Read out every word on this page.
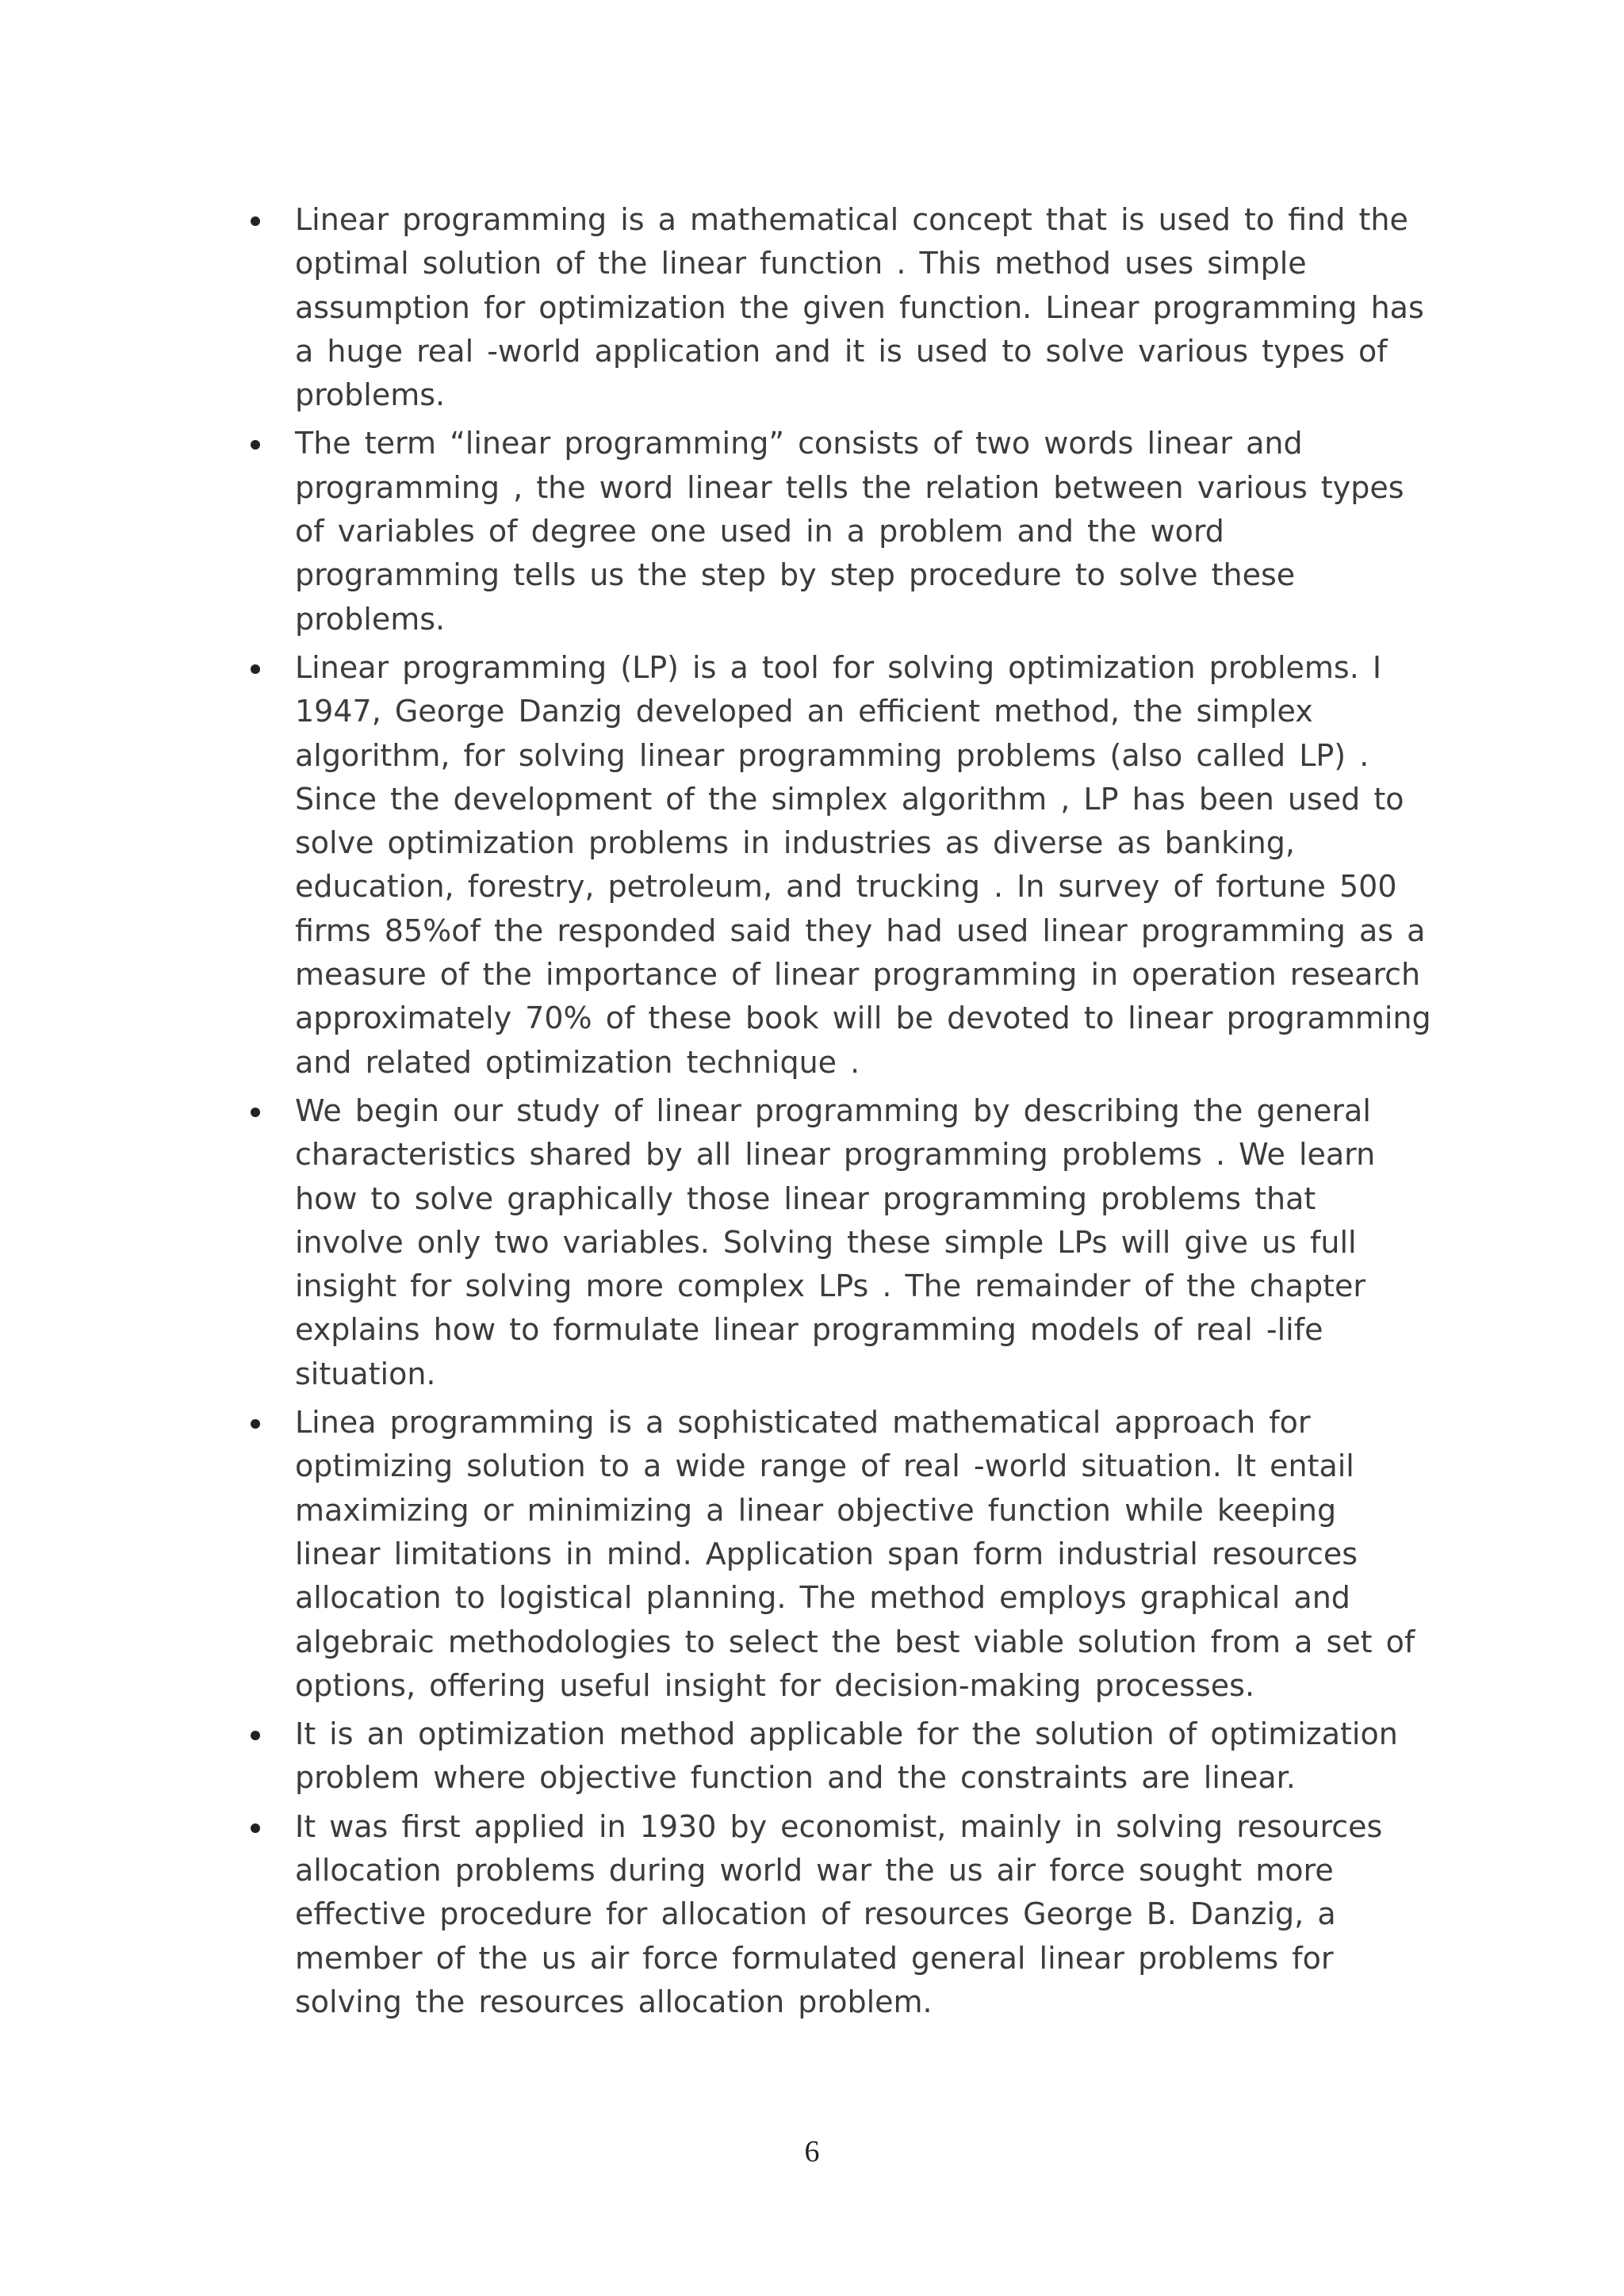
Linear programming is a mathematical concept that is used to find the optimal solution of the linear function . This method uses simple assumption for optimization the given function. Linear programming has a huge real -world application and it is used to solve various types of problems.
The term “linear programming” consists of two words linear and programming , the word linear tells the relation between various types of variables of degree one used in a problem and the word programming tells us the step by step procedure to solve these problems.
Linear programming (LP) is a tool for solving optimization problems. I 1947, George Danzig developed an efficient method, the simplex algorithm, for solving linear programming problems (also called LP) . Since the development of the simplex algorithm , LP has been used to solve optimization problems in industries as diverse as banking, education, forestry, petroleum, and trucking . In survey of fortune 500 firms 85%of the responded said they had used linear programming as a measure of the importance of linear programming in operation research approximately 70% of these book will be devoted to linear programming and related optimization technique .
We begin our study of linear programming by describing the general characteristics shared by all linear programming problems . We learn how to solve graphically those linear programming problems that involve only two variables. Solving these simple LPs will give us full insight for solving more complex LPs . The remainder of the chapter explains how to formulate linear programming models of real -life situation.
Linea programming is a sophisticated mathematical approach for optimizing solution to a wide range of real -world situation. It entail maximizing or minimizing a linear objective function while keeping linear limitations in mind. Application span form industrial resources allocation to logistical planning. The method employs graphical and algebraic methodologies to select the best viable solution from a set of options, offering useful insight for decision-making processes.
It is an optimization method applicable for the solution of optimization problem where objective function and the constraints are linear.
It was first applied in 1930 by economist, mainly in solving resources allocation problems during world war the us air force sought more effective procedure for allocation of resources George B. Danzig, a member of the us air force formulated general linear problems for solving the resources allocation problem.
6
